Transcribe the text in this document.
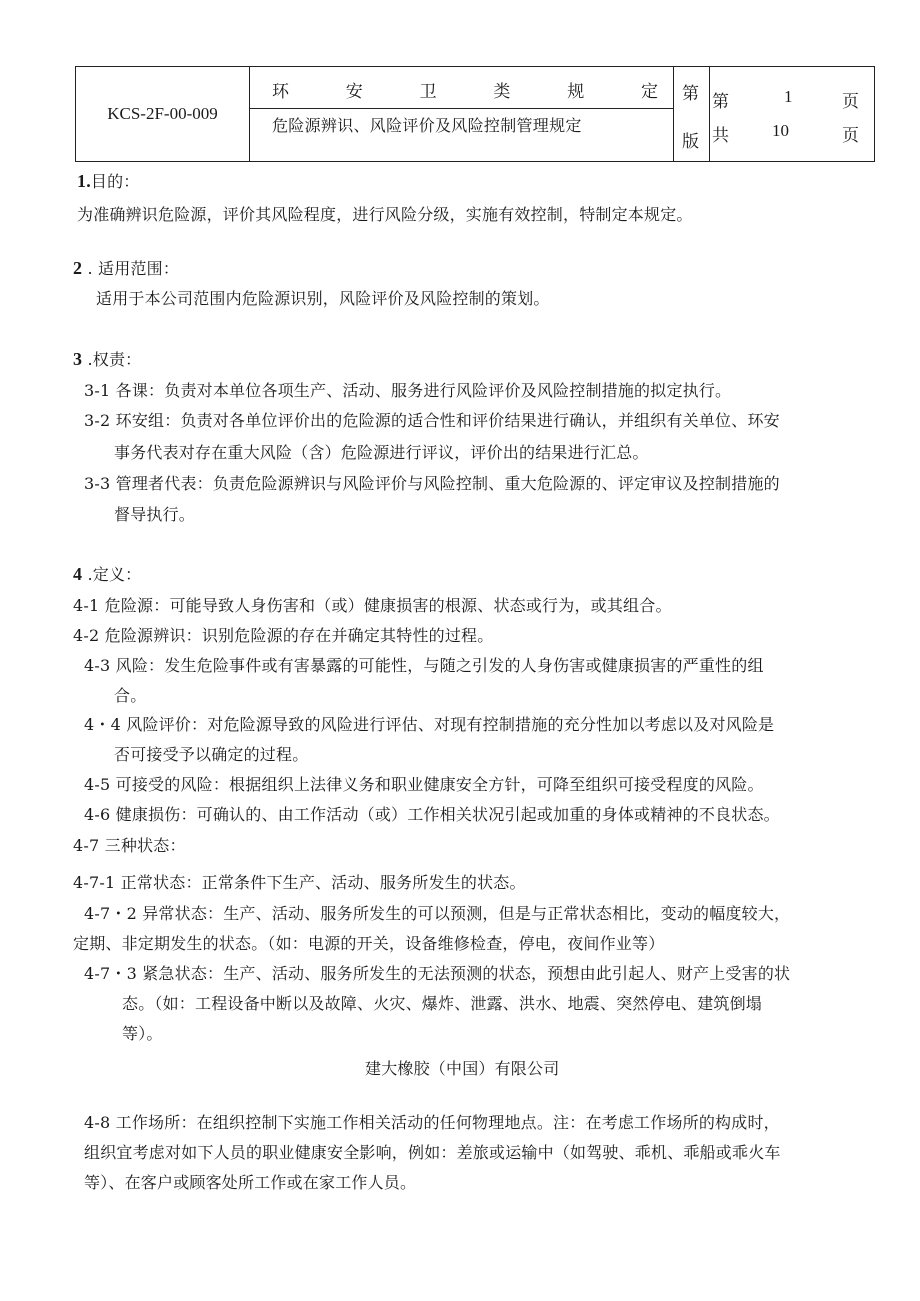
KCS-2F-00-009
环	安	卫	类	规	定
危险源辨识、风险评价及风险控制管理规定
第
版
第	1	页
共	10	页
1.目的：
为准确辨识危险源，评价其风险程度，进行风险分级，实施有效控制，特制定本规定。
2 . 适用范围：
适用于本公司范围内危险源识别，风险评价及风险控制的策划。
3 .权责：
3-1 各课：负责对本单位各项生产、活动、服务进行风险评价及风险控制措施的拟定执行。
3-2 环安组：负责对各单位评价出的危险源的适合性和评价结果进行确认，并组织有关单位、环安
事务代表对存在重大风险（含）危险源进行评议，评价出的结果进行汇总。
3-3 管理者代表：负责危险源辨识与风险评价与风险控制、重大危险源的、评定审议及控制措施的
督导执行。
4 .定义：
4-1 危险源：可能导致人身伤害和（或）健康损害的根源、状态或行为，或其组合。
4-2 危险源辨识：识别危险源的存在并确定其特性的过程。
4-3 风险：发生危险事件或有害暴露的可能性，与随之引发的人身伤害或健康损害的严重性的组
合。
4・4 风险评价：对危险源导致的风险进行评估、对现有控制措施的充分性加以考虑以及对风险是
否可接受予以确定的过程。
4-5 可接受的风险：根据组织上法律义务和职业健康安全方针，可降至组织可接受程度的风险。
4-6 健康损伤：可确认的、由工作活动（或）工作相关状况引起或加重的身体或精神的不良状态。
4-7 三种状态：
4-7-1 正常状态：正常条件下生产、活动、服务所发生的状态。
4-7・2 异常状态：生产、活动、服务所发生的可以预测，但是与正常状态相比，变动的幅度较大，
定期、非定期发生的状态。（如：电源的开关，设备维修检查，停电，夜间作业等）
4-7・3 紧急状态：生产、活动、服务所发生的无法预测的状态，预想由此引起人、财产上受害的状
态。（如：工程设备中断以及故障、火灾、爆炸、泄露、洪水、地震、突然停电、建筑倒塌
等）。
建大橡胶（中国）有限公司
4-8 工作场所：在组织控制下实施工作相关活动的任何物理地点。注：在考虑工作场所的构成时，
组织宜考虑对如下人员的职业健康安全影响，例如：差旅或运输中（如驾驶、乖机、乖船或乖火车
等）、在客户或顾客处所工作或在家工作人员。
